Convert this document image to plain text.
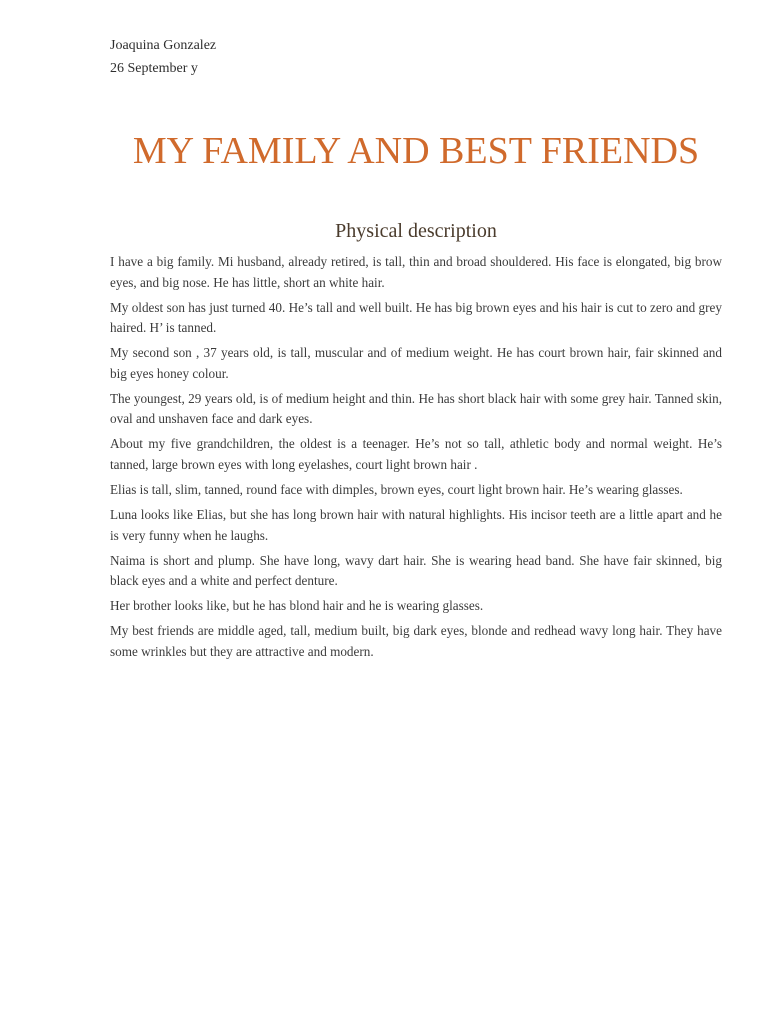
Joaquina Gonzalez
26 September y
MY FAMILY AND BEST FRIENDS
Physical description

I have a big family. Mi husband, already retired, is tall, thin and broad shouldered. His face is elongated, big brow eyes, and big nose. He has little, short an white hair.

My oldest son has just turned 40. He’s tall and well built. He has big brown eyes and his hair is cut to zero and grey haired. H’ is tanned.

My second son , 37 years old, is tall, muscular and of medium weight. He has court brown hair, fair skinned and big eyes honey colour.

The youngest, 29 years old, is of medium height and thin. He has short black hair with some grey hair. Tanned skin, oval and unshaven face and dark eyes.

About my five grandchildren, the oldest is a teenager. He’s not so tall, athletic body and normal weight. He’s tanned, large brown eyes with long eyelashes, court light brown hair .

Elias is tall, slim, tanned, round face with dimples, brown eyes, court light brown hair. He’s wearing glasses.

Luna looks like Elias, but she has long brown hair with natural highlights. His incisor teeth are a little apart and he is very funny when he laughs.

Naima is short and plump. She have long, wavy dart hair. She is wearing head band. She have fair skinned, big black eyes and a white and perfect denture.

Her brother looks like, but he has blond hair and he is wearing glasses.

My best friends are middle aged, tall, medium built, big dark eyes, blonde and redhead wavy long hair. They have some wrinkles but they are attractive and modern.
